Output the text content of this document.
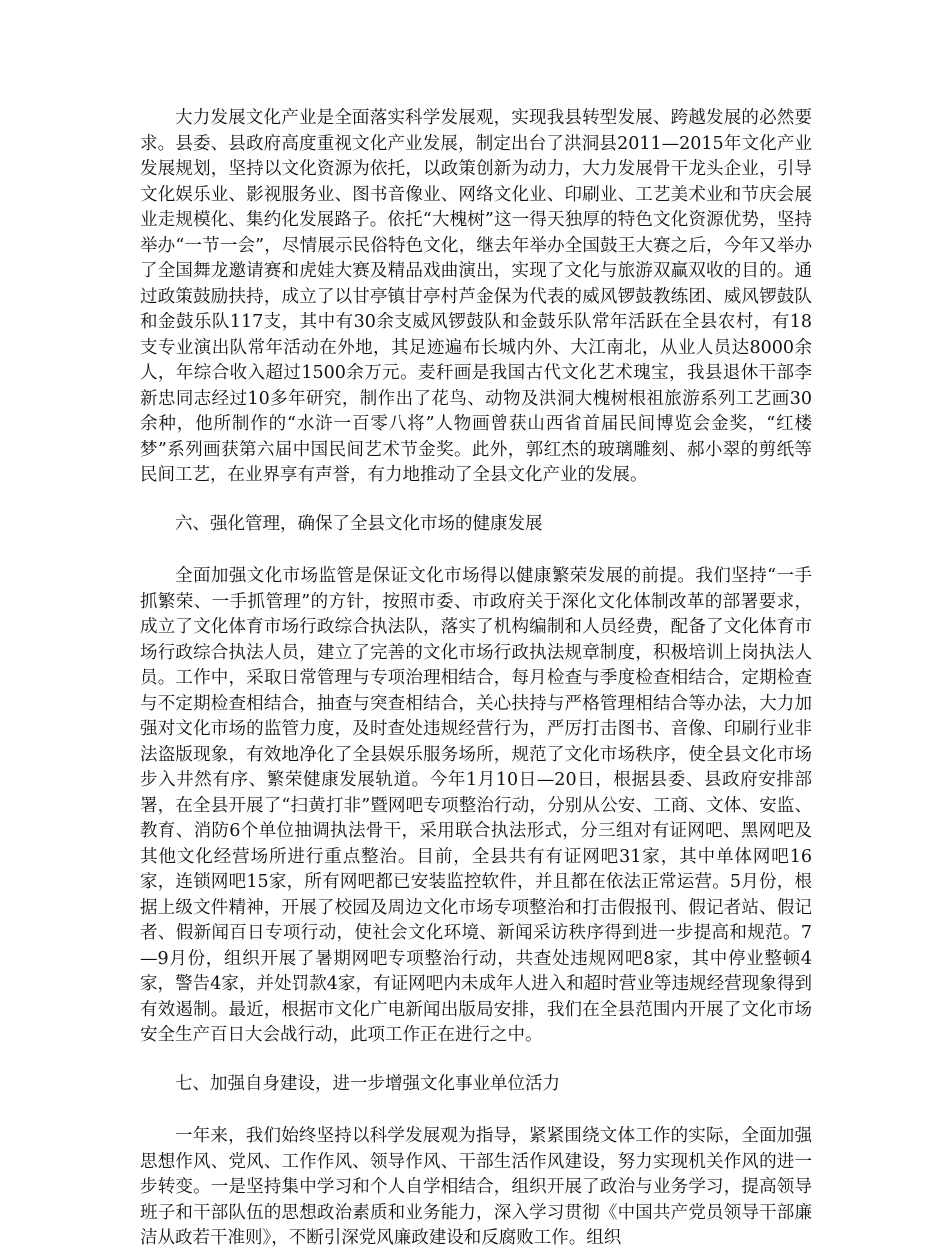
大力发展文化产业是全面落实科学发展观，实现我县转型发展、跨越发展的必然要求。县委、县政府高度重视文化产业发展，制定出台了洪洞县2011—2015年文化产业发展规划，坚持以文化资源为依托，以政策创新为动力，大力发展骨干龙头企业，引导文化娱乐业、影视服务业、图书音像业、网络文化业、印刷业、工艺美术业和节庆会展业走规模化、集约化发展路子。依托“大槐树”这一得天独厚的特色文化资源优势，坚持举办“一节一会”，尽情展示民俗特色文化，继去年举办全国鼓王大赛之后，今年又举办了全国舞龙邀请赛和虎娃大赛及精品戏曲演出，实现了文化与旅游双赢双收的目的。通过政策鼓励扶持，成立了以甘亭镇甘亭村芦金保为代表的威风锣鼓教练团、威风锣鼓队和金鼓乐队117支，其中有30余支威风锣鼓队和金鼓乐队常年活跃在全县农村，有18支专业演出队常年活动在外地，其足迹遍布长城内外、大江南北，从业人员达8000余人，年综合收入超过1500余万元。麦秆画是我国古代文化艺术瑰宝，我县退休干部李新忠同志经过10多年研究，制作出了花鸟、动物及洪洞大槐树根祖旅游系列工艺画30余种，他所制作的“水浒一百零八将”人物画曾获山西省首届民间博览会金奖，“红楼梦”系列画获第六届中国民间艺术节金奖。此外，郭红杰的玻璃雕刻、郝小翠的剪纸等民间工艺，在业界享有声誉，有力地推动了全县文化产业的发展。

六、强化管理，确保了全县文化市场的健康发展

全面加强文化市场监管是保证文化市场得以健康繁荣发展的前提。我们坚持“一手抓繁荣、一手抓管理”的方针，按照市委、市政府关于深化文化体制改革的部署要求，成立了文化体育市场行政综合执法队，落实了机构编制和人员经费，配备了文化体育市场行政综合执法人员，建立了完善的文化市场行政执法规章制度，积极培训上岗执法人员。工作中，采取日常管理与专项治理相结合，每月检查与季度检查相结合，定期检查与不定期检查相结合，抽查与突查相结合，关心扶持与严格管理相结合等办法，大力加强对文化市场的监管力度，及时查处违规经营行为，严厉打击图书、音像、印刷行业非法盗版现象，有效地净化了全县娱乐服务场所，规范了文化市场秩序，使全县文化市场步入井然有序、繁荣健康发展轨道。今年1月10日—20日，根据县委、县政府安排部署，在全县开展了“扫黄打非”暨网吧专项整治行动，分别从公安、工商、文体、安监、教育、消防6个单位抽调执法骨干，采用联合执法形式，分三组对有证网吧、黑网吧及其他文化经营场所进行重点整治。目前，全县共有有证网吧31家，其中单体网吧16家，连锁网吧15家，所有网吧都已安装监控软件，并且都在依法正常运营。5月份，根据上级文件精神，开展了校园及周边文化市场专项整治和打击假报刊、假记者站、假记者、假新闻百日专项行动，使社会文化环境、新闻采访秩序得到进一步提高和规范。7—9月份，组织开展了暑期网吧专项整治行动，共查处违规网吧8家，其中停业整顿4家，警告4家，并处罚款4家，有证网吧内未成年人进入和超时营业等违规经营现象得到有效遏制。最近，根据市文化广电新闻出版局安排，我们在全县范围内开展了文化市场安全生产百日大会战行动，此项工作正在进行之中。

七、加强自身建设，进一步增强文化事业单位活力

一年来，我们始终坚持以科学发展观为指导，紧紧围绕文体工作的实际，全面加强思想作风、党风、工作作风、领导作风、干部生活作风建设，努力实现机关作风的进一步转变。一是坚持集中学习和个人自学相结合，组织开展了政治与业务学习，提高领导班子和干部队伍的思想政治素质和业务能力，深入学习贯彻《中国共产党员领导干部廉洁从政若干准则》，不断引深党风廉政建设和反腐败工作。组织
